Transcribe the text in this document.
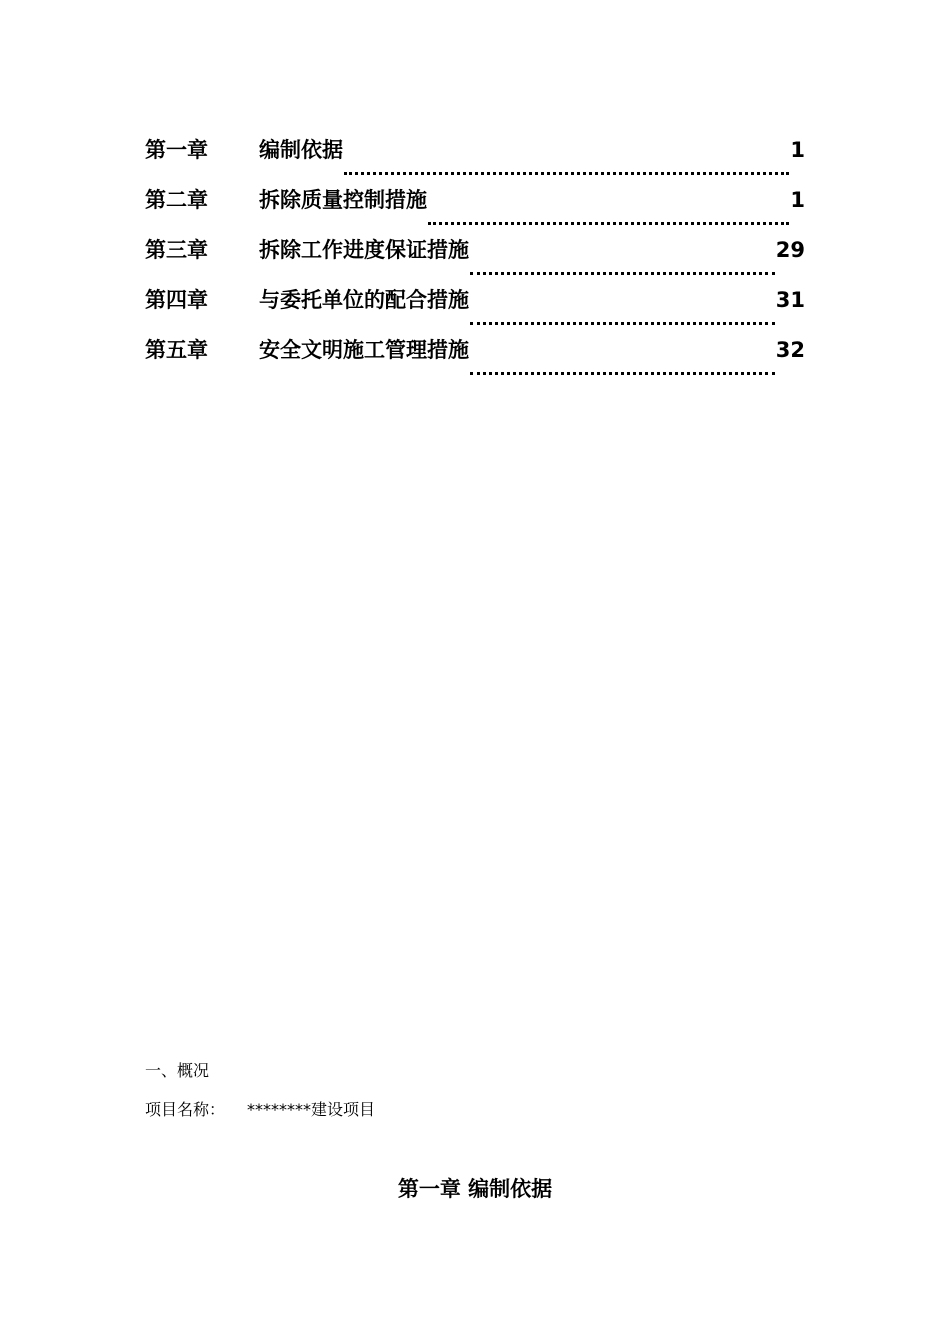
第一章	编制依据	1
第二章	拆除质量控制措施	1
第三章	拆除工作进度保证措施	29
第四章	与委托单位的配合措施	31
第五章	安全文明施工管理措施	32

一、概况

项目名称： ********建设项目

第一章 编制依据
